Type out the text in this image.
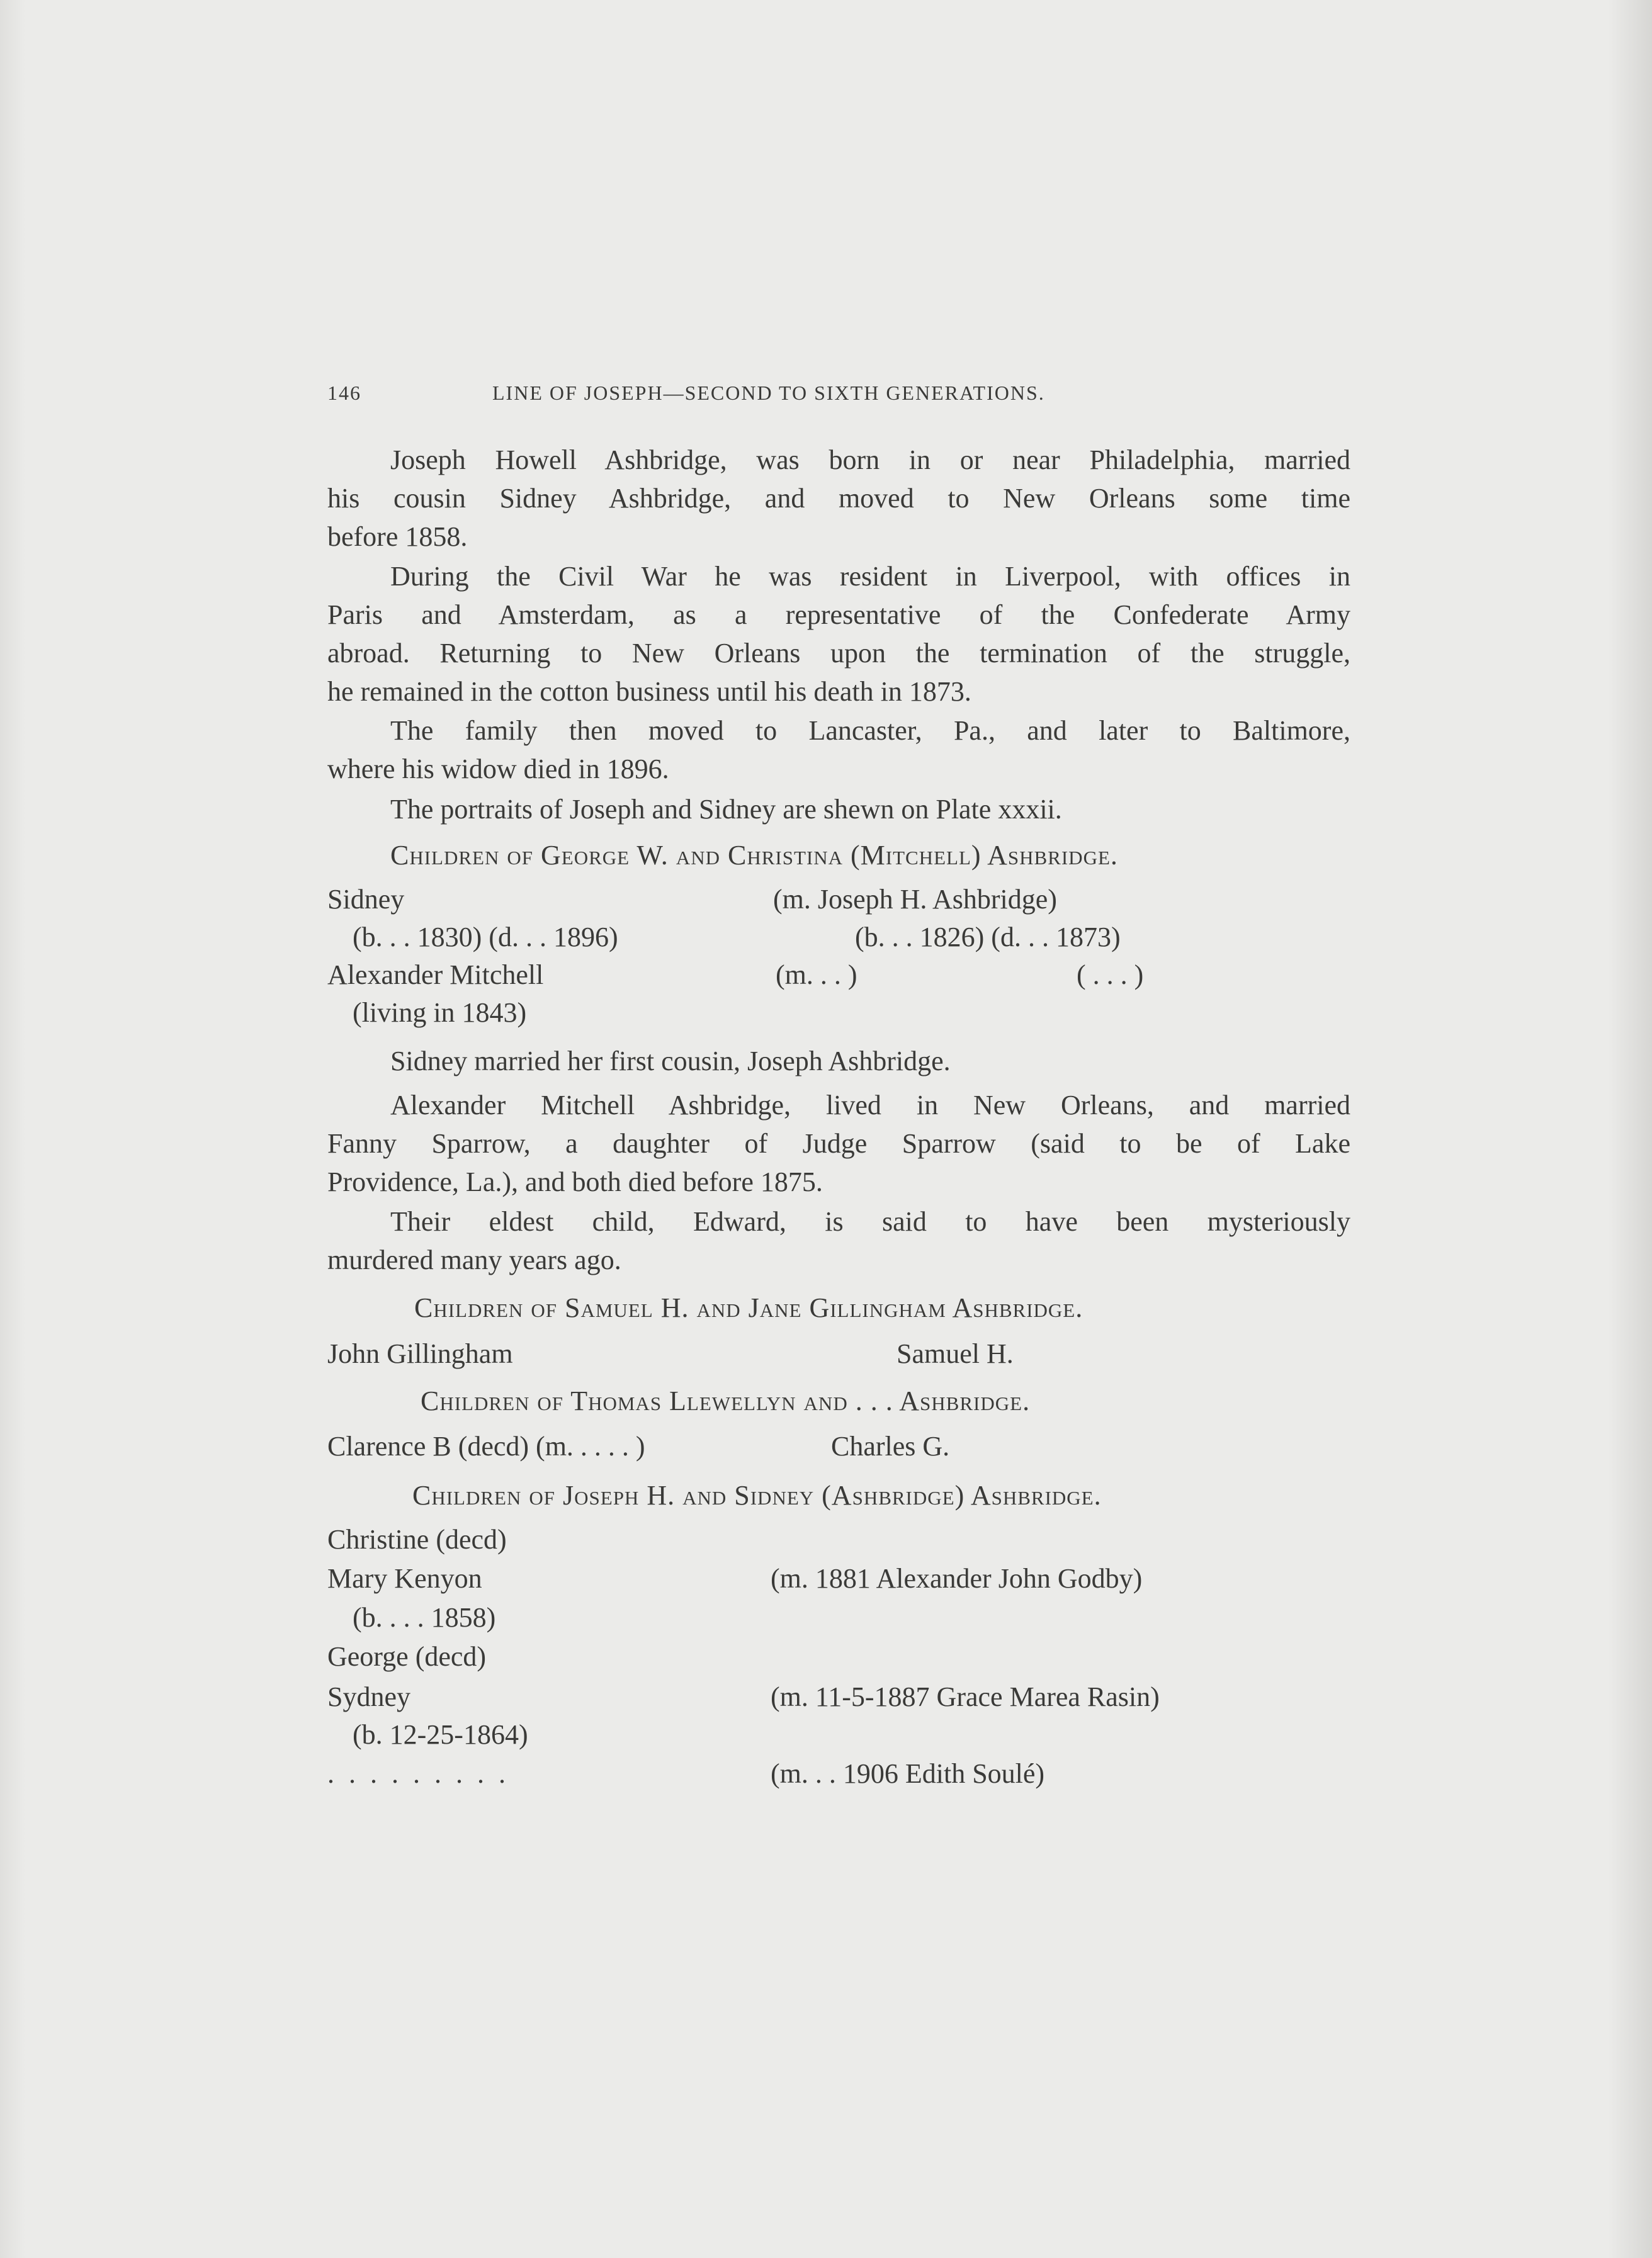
146	LINE OF JOSEPH—SECOND TO SIXTH GENERATIONS.
Joseph Howell Ashbridge, was born in or near Philadelphia, married
his cousin Sidney Ashbridge, and moved to New Orleans some time
before 1858.
During the Civil War he was resident in Liverpool, with offices in
Paris and Amsterdam, as a representative of the Confederate Army
abroad. Returning to New Orleans upon the termination of the struggle,
he remained in the cotton business until his death in 1873.
The family then moved to Lancaster, Pa., and later to Baltimore,
where his widow died in 1896.
The portraits of Joseph and Sidney are shewn on Plate xxxii.
Children of George W. and Christina (Mitchell) Ashbridge.
Sidney	(m. Joseph H. Ashbridge)
(b. . . 1830) (d. . . 1896)	(b. . . 1826) (d. . . 1873)
Alexander Mitchell	(m. . . )	( . . . )
(living in 1843)
Sidney married her first cousin, Joseph Ashbridge.
Alexander Mitchell Ashbridge, lived in New Orleans, and married
Fanny Sparrow, a daughter of Judge Sparrow (said to be of Lake
Providence, La.), and both died before 1875.
Their eldest child, Edward, is said to have been mysteriously
murdered many years ago.
Children of Samuel H. and Jane Gillingham Ashbridge.
John Gillingham	Samuel H.
Children of Thomas Llewellyn and . . . Ashbridge.
Clarence B (decd) (m. . . . . )	Charles G.
Children of Joseph H. and Sidney (Ashbridge) Ashbridge.
Christine (decd)
Mary Kenyon	(m. 1881 Alexander John Godby)
(b. . . . 1858)
George (decd)
Sydney	(m. 11-5-1887 Grace Marea Rasin)
(b. 12-25-1864)
. . . . . . . . .	(m. . . 1906 Edith Soulé)
